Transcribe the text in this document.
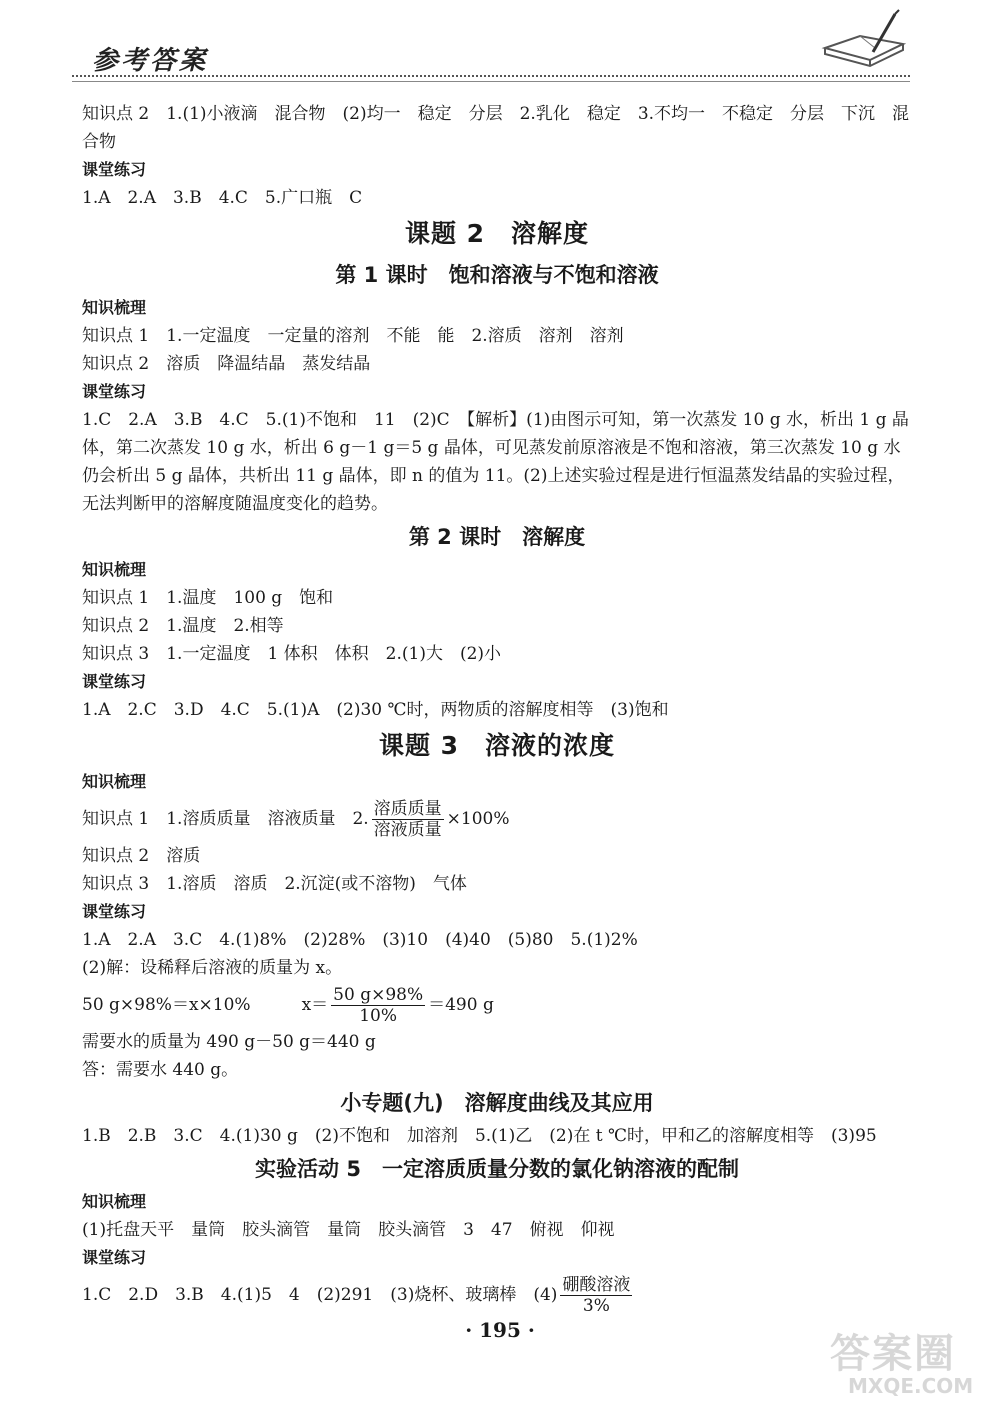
参考答案
知识点 2　1.(1)小液滴　混合物　(2)均一　稳定　分层　2.乳化　稳定　3.不均一　不稳定　分层　下沉　混合物
课堂练习
1.A　2.A　3.B　4.C　5.广口瓶　C
课题 2　溶解度
第 1 课时　饱和溶液与不饱和溶液
知识梳理
知识点 1　1.一定温度　一定量的溶剂　不能　能　2.溶质　溶剂　溶剂
知识点 2　溶质　降温结晶　蒸发结晶
课堂练习
1.C　2.A　3.B　4.C　5.(1)不饱和　11　(2)C　【解析】(1)由图示可知，第一次蒸发 10 g 水，析出 1 g 晶体，第二次蒸发 10 g 水，析出 6 g－1 g＝5 g 晶体，可见蒸发前原溶液是不饱和溶液，第三次蒸发 10 g 水仍会析出 5 g 晶体，共析出 11 g 晶体，即 n 的值为 11。(2)上述实验过程是进行恒温蒸发结晶的实验过程，无法判断甲的溶解度随温度变化的趋势。
第 2 课时　溶解度
知识梳理
知识点 1　1.温度　100 g　饱和
知识点 2　1.温度　2.相等
知识点 3　1.一定温度　1 体积　体积　2.(1)大　(2)小
课堂练习
1.A　2.C　3.D　4.C　5.(1)A　(2)30 ℃时，两物质的溶解度相等　(3)饱和
课题 3　溶液的浓度
知识梳理
知识点 1　1.溶质质量　溶液质量　2. $\frac{\text{溶质质量}}{\text{溶液质量}} \times 100\%$
知识点 2　溶质
知识点 3　1.溶质　溶质　2.沉淀(或不溶物)　气体
课堂练习
1.A　2.A　3.C　4.(1)8%　(2)28%　(3)10　(4)40　(5)80　5.(1)2%
(2)解：设稀释后溶液的质量为 x。
50 g×98%＝x×10%　　　$x= \frac{50 g\times 98\%}{10\%} =490$ g
需要水的质量为 490 g－50 g＝440 g
答：需要水 440 g。
小专题(九)　溶解度曲线及其应用
1.B　2.B　3.C　4.(1)30 g　(2)不饱和　加溶剂　5.(1)乙　(2)在 t ℃时，甲和乙的溶解度相等　(3)95
实验活动 5　一定溶质质量分数的氯化钠溶液的配制
知识梳理
(1)托盘天平　量筒　胶头滴管　量筒　胶头滴管　3　47　俯视　仰视
课堂练习
1.C　2.D　3.B　4.(1)5　4　(2)291　(3)烧杯、玻璃棒　$(4) \frac{\text{硼酸溶液}}{3\%}$
· 195 ·
答案圈
MXQE.COM
